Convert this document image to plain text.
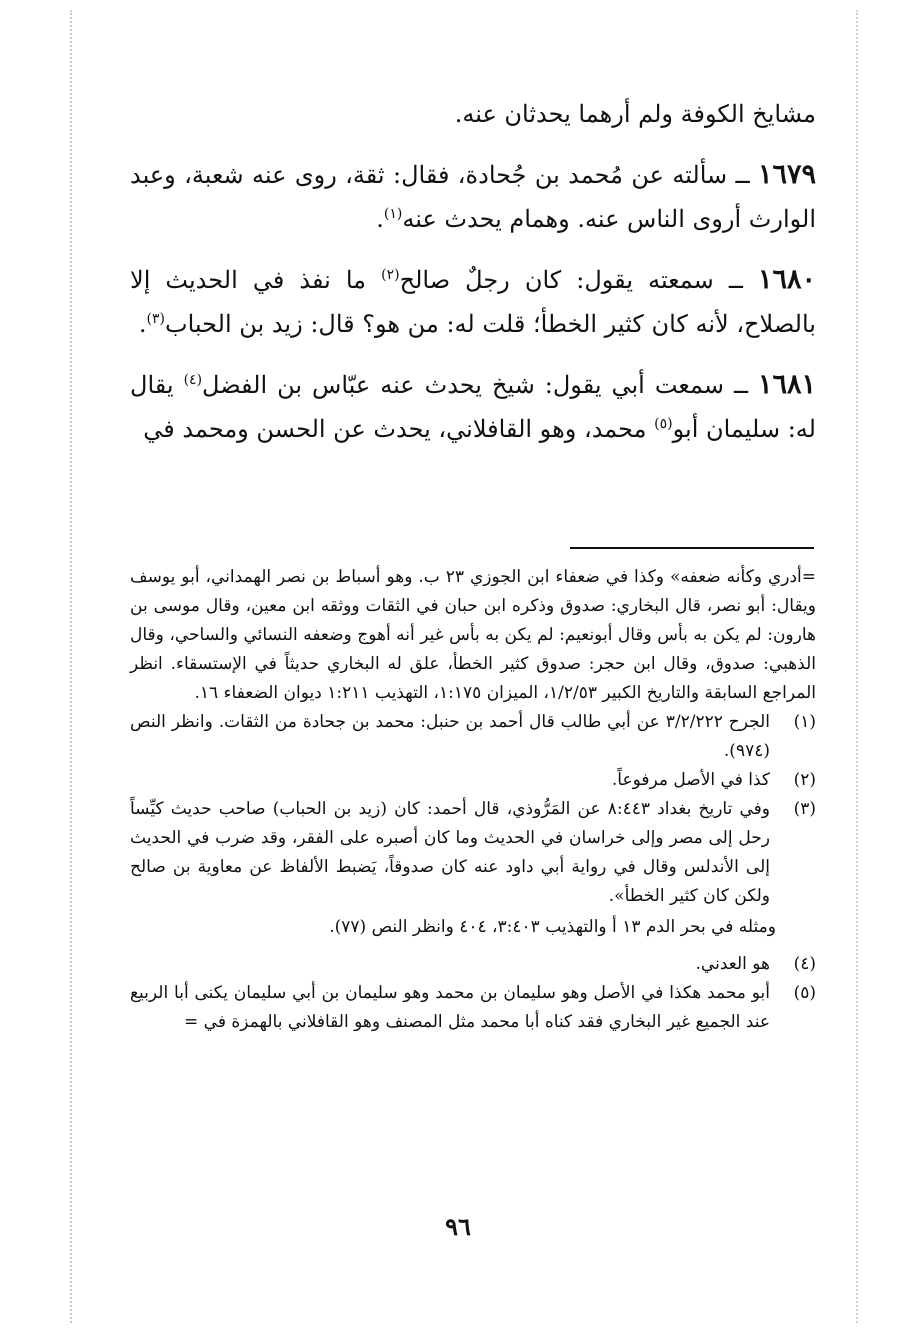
مشايخ الكوفة ولم أرهما يحدثان عنه.

١٦٧٩ ــ سألته عن مُحمد بن جُحادة، فقال: ثقة، روى عنه شعبة، وعبد الوارث أروى الناس عنه. وهمام يحدث عنه$^{(١)}$.

١٦٨٠ ــ سمعته يقول: كان رجلٌ صالح$^{(٢)}$ ما نفذ في الحديث إلا بالصلاح، لأنه كان كثير الخطأ؛ قلت له: من هو؟ قال: زيد بن الحباب$^{(٣)}$.

١٦٨١ ــ سمعت أبي يقول: شيخ يحدث عنه عبّاس بن الفضل$^{(٤)}$ يقال له: سليمان أبو$^{(٥)}$ محمد، وهو القافلاني، يحدث عن الحسن ومحمد في

=أدري وكأنه ضعفه» وكذا في ضعفاء ابن الجوزي ٢٣ ب. وهو أسباط بن نصر الهمداني، أبو يوسف ويقال: أبو نصر، قال البخاري: صدوق وذكره ابن حبان في الثقات ووثقه ابن معين، وقال موسى بن هارون: لم يكن به بأس وقال أبونعيم: لم يكن به بأس غير أنه أهوج وضعفه النسائي والساحي، وقال الذهبي: صدوق، وقال ابن حجر: صدوق كثير الخطأ، علق له البخاري حديثاً في الإستسقاء. انظر المراجع السابقة والتاريخ الكبير ١/٢/٥٣، الميزان ١:١٧٥، التهذيب ١:٢١١ ديوان الضعفاء ١٦.

(١)
الجرح ٣/٢/٢٢٢ عن أبي طالب قال أحمد بن حنبل: محمد بن جحادة من الثقات. وانظر النص (٩٧٤).
(٢)
كذا في الأصل مرفوعاً.
(٣)
وفي تاريخ بغداد ٨:٤٤٣ عن المَرُّوذي، قال أحمد: كان (زيد بن الحباب) صاحب حديث كيِّساً رحل إلى مصر وإلى خراسان في الحديث وما كان أصبره على الفقر، وقد ضرب في الحديث إلى الأندلس وقال في رواية أبي داود عنه كان صدوقاً، يَضبط الألفاظ عن معاوية بن صالح ولكن كان كثير الخطأ».

ومثله في بحر الدم ١٣ أ والتهذيب ٣:٤٠٣، ٤٠٤ وانظر النص (٧٧).

(٤)
هو العدني.
(٥)
أبو محمد هكذا في الأصل وهو سليمان بن محمد وهو سليمان بن أبي سليمان يكنى أبا الربيع عند الجميع غير البخاري فقد كناه أبا محمد مثل المصنف وهو القافلاني بالهمزة في =
٩٦
